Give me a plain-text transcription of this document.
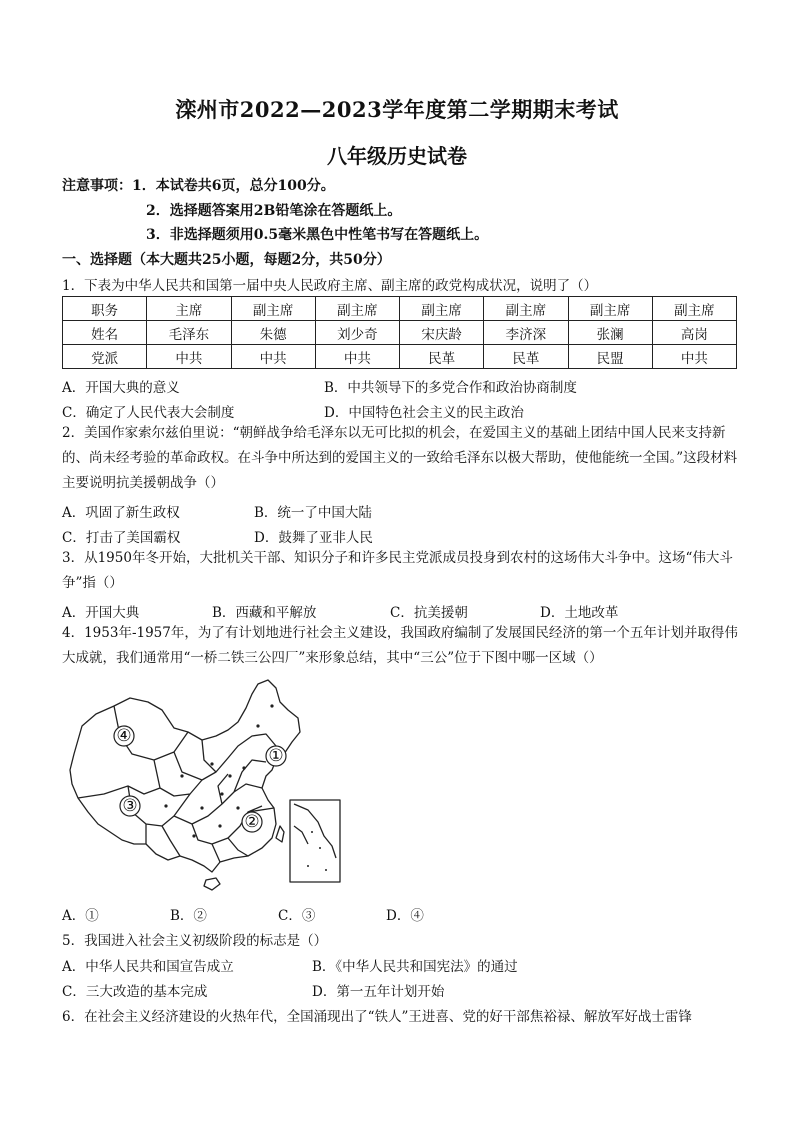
滦州市2022—2023学年度第二学期期末考试
八年级历史试卷
注意事项：1．本试卷共6页，总分100分。
2．选择题答案用2B铅笔涂在答题纸上。
3．非选择题须用0.5毫米黑色中性笔书写在答题纸上。
一、选择题（本大题共25小题，每题2分，共50分）
1．下表为中华人民共和国第一届中央人民政府主席、副主席的政党构成状况，说明了（）
职务	主席	副主席	副主席	副主席	副主席	副主席	副主席
姓名	毛泽东	朱德	刘少奇	宋庆龄	李济深	张澜	高岗
党派	中共	中共	中共	民革	民革	民盟	中共
A．开国大典的意义	B．中共领导下的多党合作和政治协商制度
C．确定了人民代表大会制度	D．中国特色社会主义的民主政治
2．美国作家索尔兹伯里说：“朝鲜战争给毛泽东以无可比拟的机会，在爱国主义的基础上团结中国人民来支持新的、尚未经考验的革命政权。在斗争中所达到的爱国主义的一致给毛泽东以极大帮助，使他能统一全国。”这段材料主要说明抗美援朝战争（）
A．巩固了新生政权	B．统一了中国大陆
C．打击了美国霸权	D．鼓舞了亚非人民
3．从1950年冬开始，大批机关干部、知识分子和许多民主党派成员投身到农村的这场伟大斗争中。这场“伟大斗争”指（）
A．开国大典	B．西藏和平解放	C．抗美援朝	D．土地改革
4．1953年-1957年，为了有计划地进行社会主义建设，我国政府编制了发展国民经济的第一个五年计划并取得伟大成就，我们通常用“一桥二铁三公四厂”来形象总结，其中“三公”位于下图中哪一区域（）
④
①
③
②
A．①	B．②	C．③	D．④
5．我国进入社会主义初级阶段的标志是（）
A．中华人民共和国宣告成立	B．《中华人民共和国宪法》的通过
C．三大改造的基本完成	D．第一五年计划开始
6．在社会主义经济建设的火热年代，全国涌现出了“铁人”王进喜、党的好干部焦裕禄、解放军好战士雷锋
